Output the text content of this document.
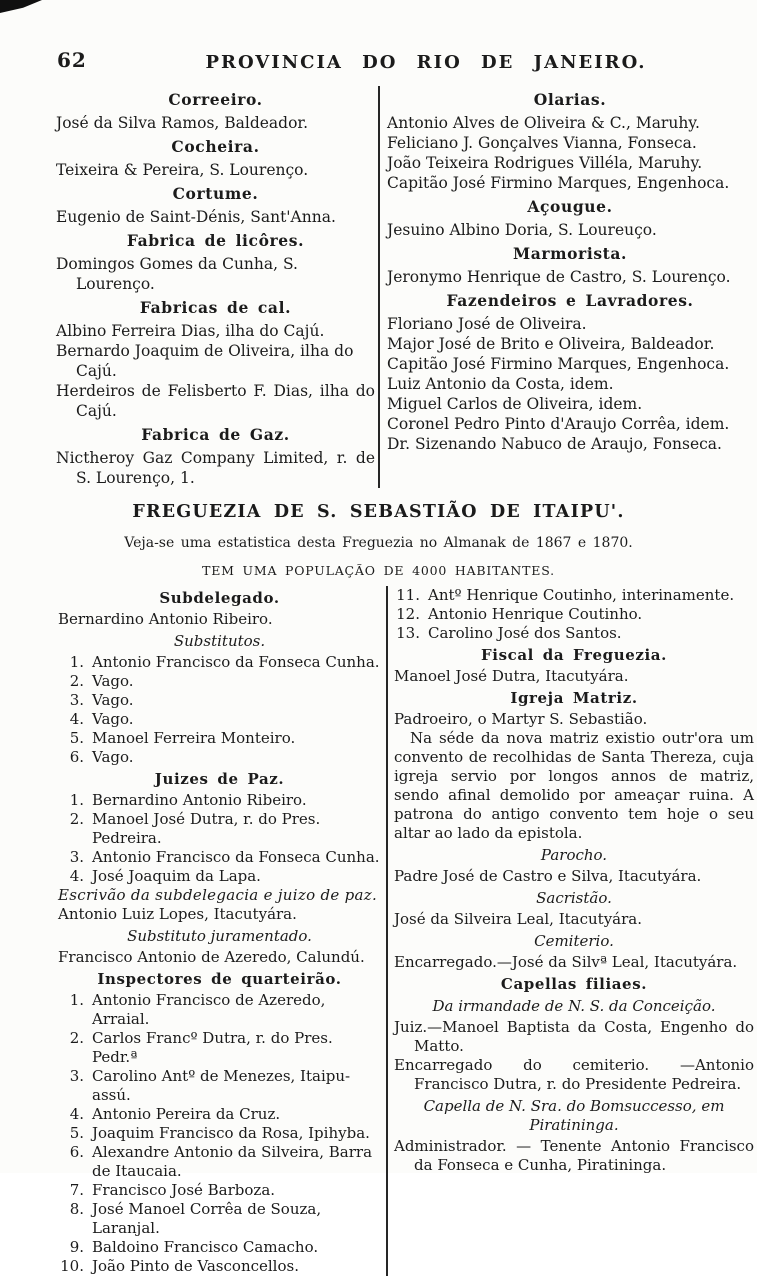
62	PROVINCIA DO RIO DE JANEIRO.
Correeiro.
José da Silva Ramos, Baldeador.
Cocheira.
Teixeira & Pereira, S. Lourenço.
Cortume.
Eugenio de Saint-Dénis, Sant'Anna.
Fabrica de licôres.
Domingos Gomes da Cunha, S. Lourenço.
Fabricas de cal.
Albino Ferreira Dias, ilha do Cajú.
Bernardo Joaquim de Oliveira, ilha do Cajú.
Herdeiros de Felisberto F. Dias, ilha do Cajú.
Fabrica de Gaz.
Nictheroy Gaz Company Limited, r. de S. Lourenço, 1.
Olarias.
Antonio Alves de Oliveira & C., Maruhy.
Feliciano J. Gonçalves Vianna, Fonseca.
João Teixeira Rodrigues Villéla, Maruhy.
Capitão José Firmino Marques, Engenhoca.
Açougue.
Jesuino Albino Doria, S. Loureuço.
Marmorista.
Jeronymo Henrique de Castro, S. Lourenço.
Fazendeiros e Lavradores.
Floriano José de Oliveira.
Major José de Brito e Oliveira, Baldeador.
Capitão José Firmino Marques, Engenhoca.
Luiz Antonio da Costa, idem.
Miguel Carlos de Oliveira, idem.
Coronel Pedro Pinto d'Araujo Corrêa, idem.
Dr. Sizenando Nabuco de Araujo, Fonseca.
FREGUEZIA DE S. SEBASTIÃO DE ITAIPU'.

Veja-se uma estatistica desta Freguezia no Almanak de 1867 e 1870.

TEM UMA POPULAÇÃO DE 4000 HABITANTES.

Subdelegado.
Bernardino Antonio Ribeiro.
Substitutos.
1. Antonio Francisco da Fonseca Cunha.
2. Vago.
3. Vago.
4. Vago.
5. Manoel Ferreira Monteiro.
6. Vago.
Juizes de Paz.
1. Bernardino Antonio Ribeiro.
2. Manoel José Dutra, r. do Pres. Pedreira.
3. Antonio Francisco da Fonseca Cunha.
4. José Joaquim da Lapa.
Escrivão da subdelegacia e juizo de paz.
Antonio Luiz Lopes, Itacutyára.
Substituto juramentado.
Francisco Antonio de Azeredo, Calundú.
Inspectores de quarteirão.
1. Antonio Francisco de Azeredo, Arraial.
2. Carlos Francº Dutra, r. do Pres. Pedr.ª
3. Carolino Antº de Menezes, Itaipu-assú.
4. Antonio Pereira da Cruz.
5. Joaquim Francisco da Rosa, Ipihyba.
6. Alexandre Antonio da Silveira, Barra de Itaucaia.
7. Francisco José Barboza.
8. José Manoel Corrêa de Souza, Laranjal.
9. Baldoino Francisco Camacho.
10. João Pinto de Vasconcellos.
11. Antº Henrique Coutinho, interinamente.
12. Antonio Henrique Coutinho.
13. Carolino José dos Santos.
Fiscal da Freguezia.
Manoel José Dutra, Itacutyára.
Igreja Matriz.
Padroeiro, o Martyr S. Sebastião.
Na séde da nova matriz existio outr'ora um convento de recolhidas de Santa Thereza, cuja igreja servio por longos annos de matriz, sendo afinal demolido por ameaçar ruina. A patrona do antigo convento tem hoje o seu altar ao lado da epistola.
Parocho.
Padre José de Castro e Silva, Itacutyára.
Sacristão.
José da Silveira Leal, Itacutyára.
Cemiterio.
Encarregado.—José da Silvª Leal, Itacutyára.
Capellas filiaes.
Da irmandade de N. S. da Conceição.
Juiz.—Manoel Baptista da Costa, Engenho do Matto.
Encarregado do cemiterio. —Antonio Francisco Dutra, r. do Presidente Pedreira.
Capella de N. Sra. do Bomsuccesso, em Piratininga.
Administrador. — Tenente Antonio Francisco da Fonseca e Cunha, Piratininga.
